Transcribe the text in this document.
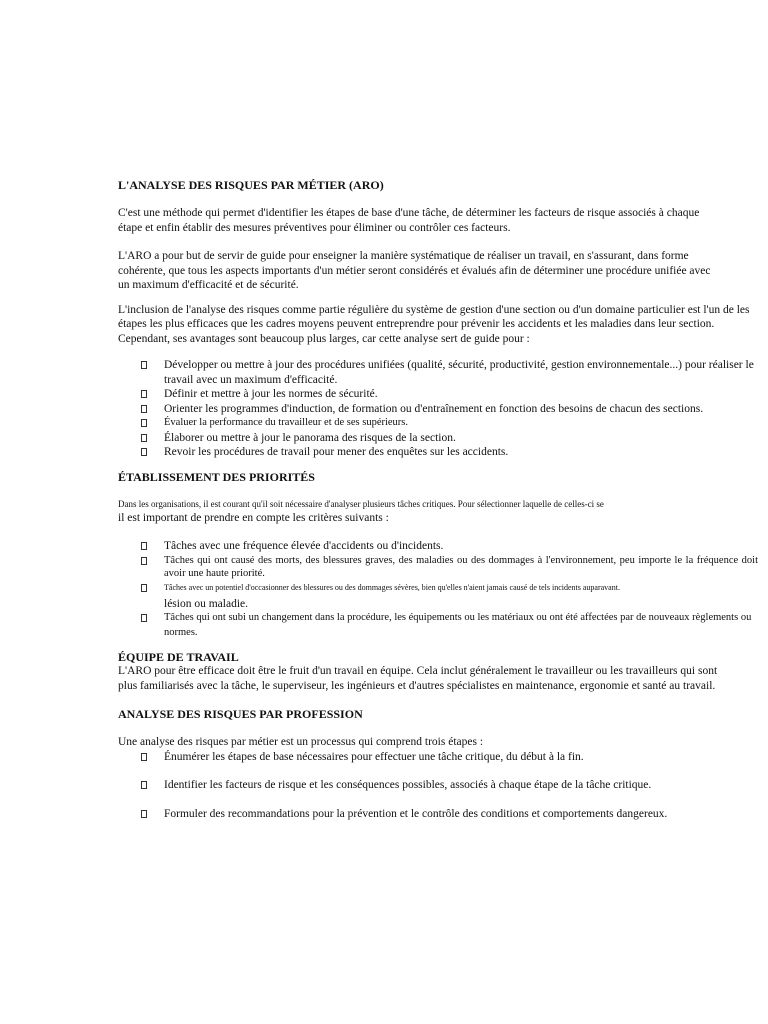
L'ANALYSE DES RISQUES PAR MÉTIER (ARO)

C'est une méthode qui permet d'identifier les étapes de base d'une tâche, de déterminer les facteurs de risque associés à chaque étape et enfin établir des mesures préventives pour éliminer ou contrôler ces facteurs.

L'ARO a pour but de servir de guide pour enseigner la manière systématique de réaliser un travail, en s'assurant, dans forme cohérente, que tous les aspects importants d'un métier seront considérés et évalués afin de déterminer une procédure unifiée avec un maximum d'efficacité et de sécurité.

L'inclusion de l'analyse des risques comme partie régulière du système de gestion d'une section ou d'un domaine particulier est l'un de les étapes les plus efficaces que les cadres moyens peuvent entreprendre pour prévenir les accidents et les maladies dans leur section. Cependant, ses avantages sont beaucoup plus larges, car cette analyse sert de guide pour :

Développer ou mettre à jour des procédures unifiées (qualité, sécurité, productivité, gestion environnementale...) pour réaliser le travail avec un maximum d'efficacité.
Définir et mettre à jour les normes de sécurité.
Orienter les programmes d'induction, de formation ou d'entraînement en fonction des besoins de chacun des sections.
Évaluer la performance du travailleur et de ses supérieurs.
Élaborer ou mettre à jour le panorama des risques de la section.
Revoir les procédures de travail pour mener des enquêtes sur les accidents.

ÉTABLISSEMENT DES PRIORITÉS

Dans les organisations, il est courant qu'il soit nécessaire d'analyser plusieurs tâches critiques. Pour sélectionner laquelle de celles-ci se

il est important de prendre en compte les critères suivants :

Tâches avec une fréquence élevée d'accidents ou d'incidents.
Tâches qui ont causé des morts, des blessures graves, des maladies ou des dommages à l'environnement, peu importe le la fréquence doit avoir une haute priorité.
Tâches avec un potentiel d'occasionner des blessures ou des dommages sévères, bien qu'elles n'aient jamais causé de tels incidents auparavant.
lésion ou maladie.
Tâches qui ont subi un changement dans la procédure, les équipements ou les matériaux ou ont été affectées par de nouveaux règlements ou normes.

ÉQUIPE DE TRAVAIL

L'ARO pour être efficace doit être le fruit d'un travail en équipe. Cela inclut généralement le travailleur ou les travailleurs qui sont plus familiarisés avec la tâche, le superviseur, les ingénieurs et d'autres spécialistes en maintenance, ergonomie et santé au travail.

ANALYSE DES RISQUES PAR PROFESSION

Une analyse des risques par métier est un processus qui comprend trois étapes :

Énumérer les étapes de base nécessaires pour effectuer une tâche critique, du début à la fin.
Identifier les facteurs de risque et les conséquences possibles, associés à chaque étape de la tâche critique.
Formuler des recommandations pour la prévention et le contrôle des conditions et comportements dangereux.
